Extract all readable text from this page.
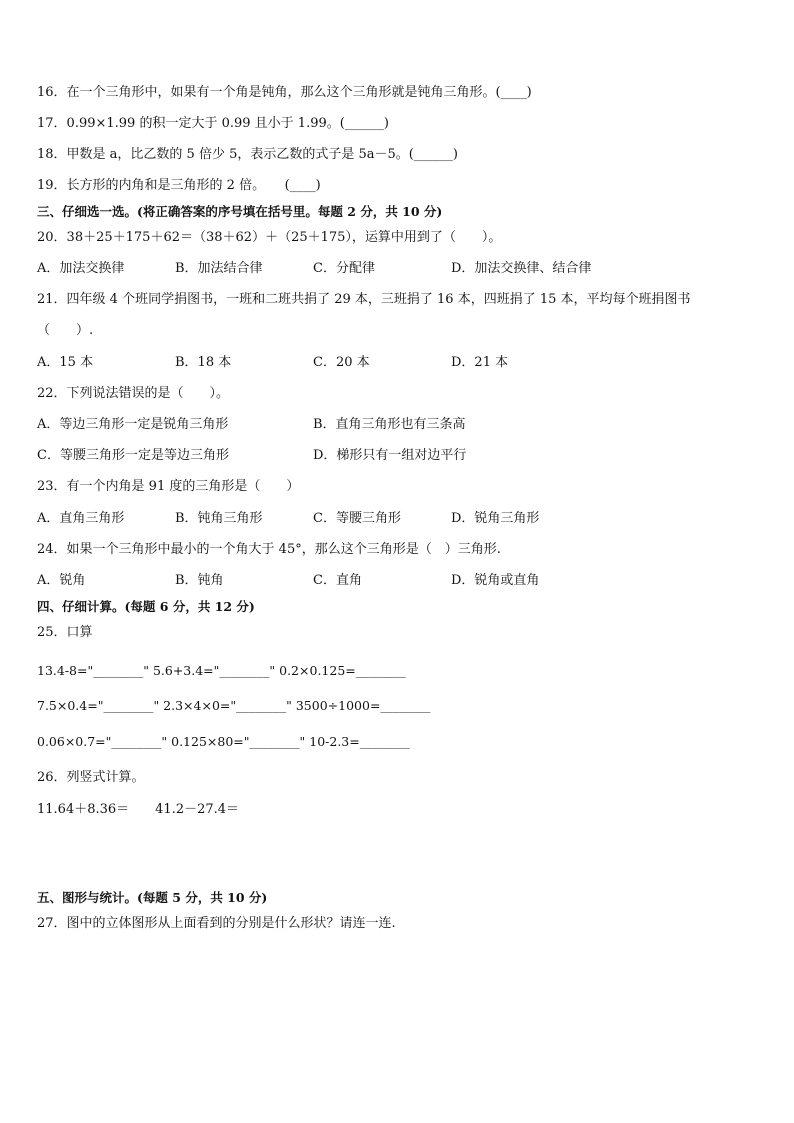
16．在一个三角形中，如果有一个角是钝角，那么这个三角形就是钝角三角形。(____)
17．0.99×1.99 的积一定大于 0.99 且小于 1.99。(______)
18．甲数是 a，比乙数的 5 倍少 5，表示乙数的式子是 5a－5。(______)
19．长方形的内角和是三角形的 2 倍。　　(____)
三、仔细选一选。(将正确答案的序号填在括号里。每题 2 分，共 10 分)
20．38＋25＋175＋62＝（38＋62）＋（25＋175），运算中用到了（　　）。
A．加法交换律	B．加法结合律	C．分配律	D．加法交换律、结合律
21．四年级 4 个班同学捐图书，一班和二班共捐了 29 本，三班捐了 16 本，四班捐了 15 本，平均每个班捐图书
（　　）.
A．15 本	B．18 本	C．20 本	D．21 本
22．下列说法错误的是（　　）。
A．等边三角形一定是锐角三角形	B．直角三角形也有三条高
C．等腰三角形一定是等边三角形	D．梯形只有一组对边平行
23．有一个内角是 91 度的三角形是（　　）
A．直角三角形	B．钝角三角形	C．等腰三角形	D．锐角三角形
24．如果一个三角形中最小的一个角大于 45°，那么这个三角形是（　）三角形.
A．锐角	B．钝角	C．直角	D．锐角或直角
四、仔细计算。(每题 6 分，共 12 分)
25．口算
13.4-8="________" 5.6+3.4="________" 0.2×0.125=________
7.5×0.4="________" 2.3×4×0="________" 3500÷1000=________
0.06×0.7="________" 0.125×80="________" 10-2.3=________
26．列竖式计算。
11.64＋8.36＝　　41.2－27.4＝
五、图形与统计。(每题 5 分，共 10 分)
27．图中的立体图形从上面看到的分别是什么形状？请连一连.
